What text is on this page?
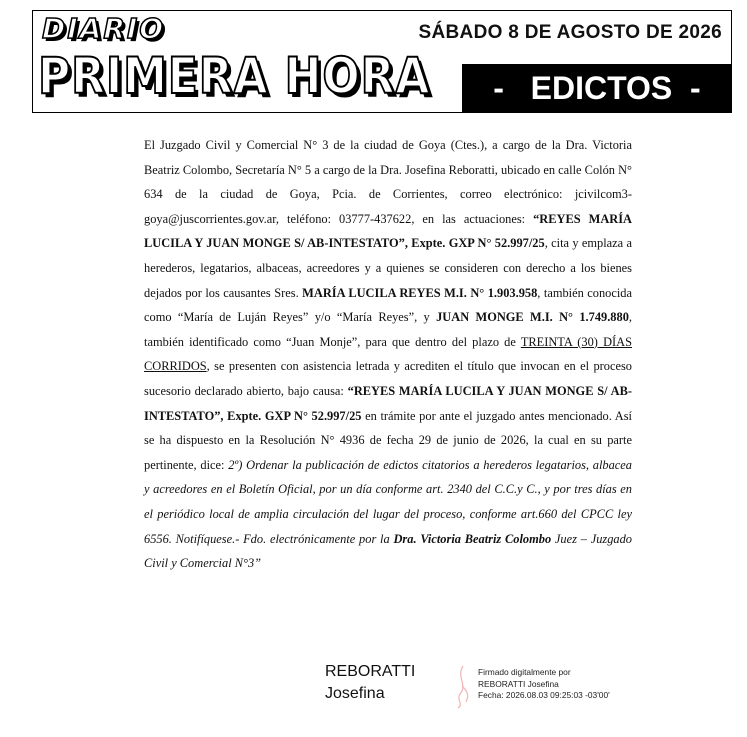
DIARIO
PRIMERA HORA
SÁBADO 8 DE AGOSTO DE 2026
-   EDICTOS  -
El Juzgado Civil y Comercial N° 3 de la ciudad de Goya (Ctes.), a cargo de la Dra. Victoria Beatriz Colombo, Secretaría N° 5 a cargo de la Dra. Josefina Reboratti, ubicado en calle Colón N° 634 de la ciudad de Goya, Pcia. de Corrientes, correo electrónico: jcivilcom3-goya@juscorrientes.gov.ar, teléfono: 03777-437622, en las actuaciones: “REYES MARÍA LUCILA Y JUAN MONGE S/ AB-INTESTATO”, Expte. GXP N° 52.997/25, cita y emplaza a herederos, legatarios, albaceas, acreedores y a quienes se consideren con derecho a los bienes dejados por los causantes Sres. MARÍA LUCILA REYES M.I. N° 1.903.958, también conocida como “María de Luján Reyes” y/o “María Reyes”, y JUAN MONGE M.I. N° 1.749.880, también identificado como “Juan Monje”, para que dentro del plazo de TREINTA (30) DÍAS CORRIDOS, se presenten con asistencia letrada y acrediten el título que invocan en el proceso sucesorio declarado abierto, bajo causa: “REYES MARÍA LUCILA Y JUAN MONGE S/ AB-INTESTATO”, Expte. GXP N° 52.997/25 en trámite por ante el juzgado antes mencionado. Así se ha dispuesto en la Resolución N° 4936 de fecha 29 de junio de 2026, la cual en su parte pertinente, dice: 2º) Ordenar la publicación de edictos citatorios a herederos legatarios, albacea y acreedores en el Boletín Oficial, por un día conforme art. 2340 del C.C.y C., y por tres días en el periódico local de amplia circulación del lugar del proceso, conforme art.660 del CPCC ley 6556. Notifíquese.- Fdo. electrónicamente por la Dra. Victoria Beatriz Colombo Juez – Juzgado Civil y Comercial N°3”
REBORATTI
Josefina
Firmado digitalmente por
REBORATTI Josefina
Fecha: 2026.08.03 09:25:03 -03'00'
